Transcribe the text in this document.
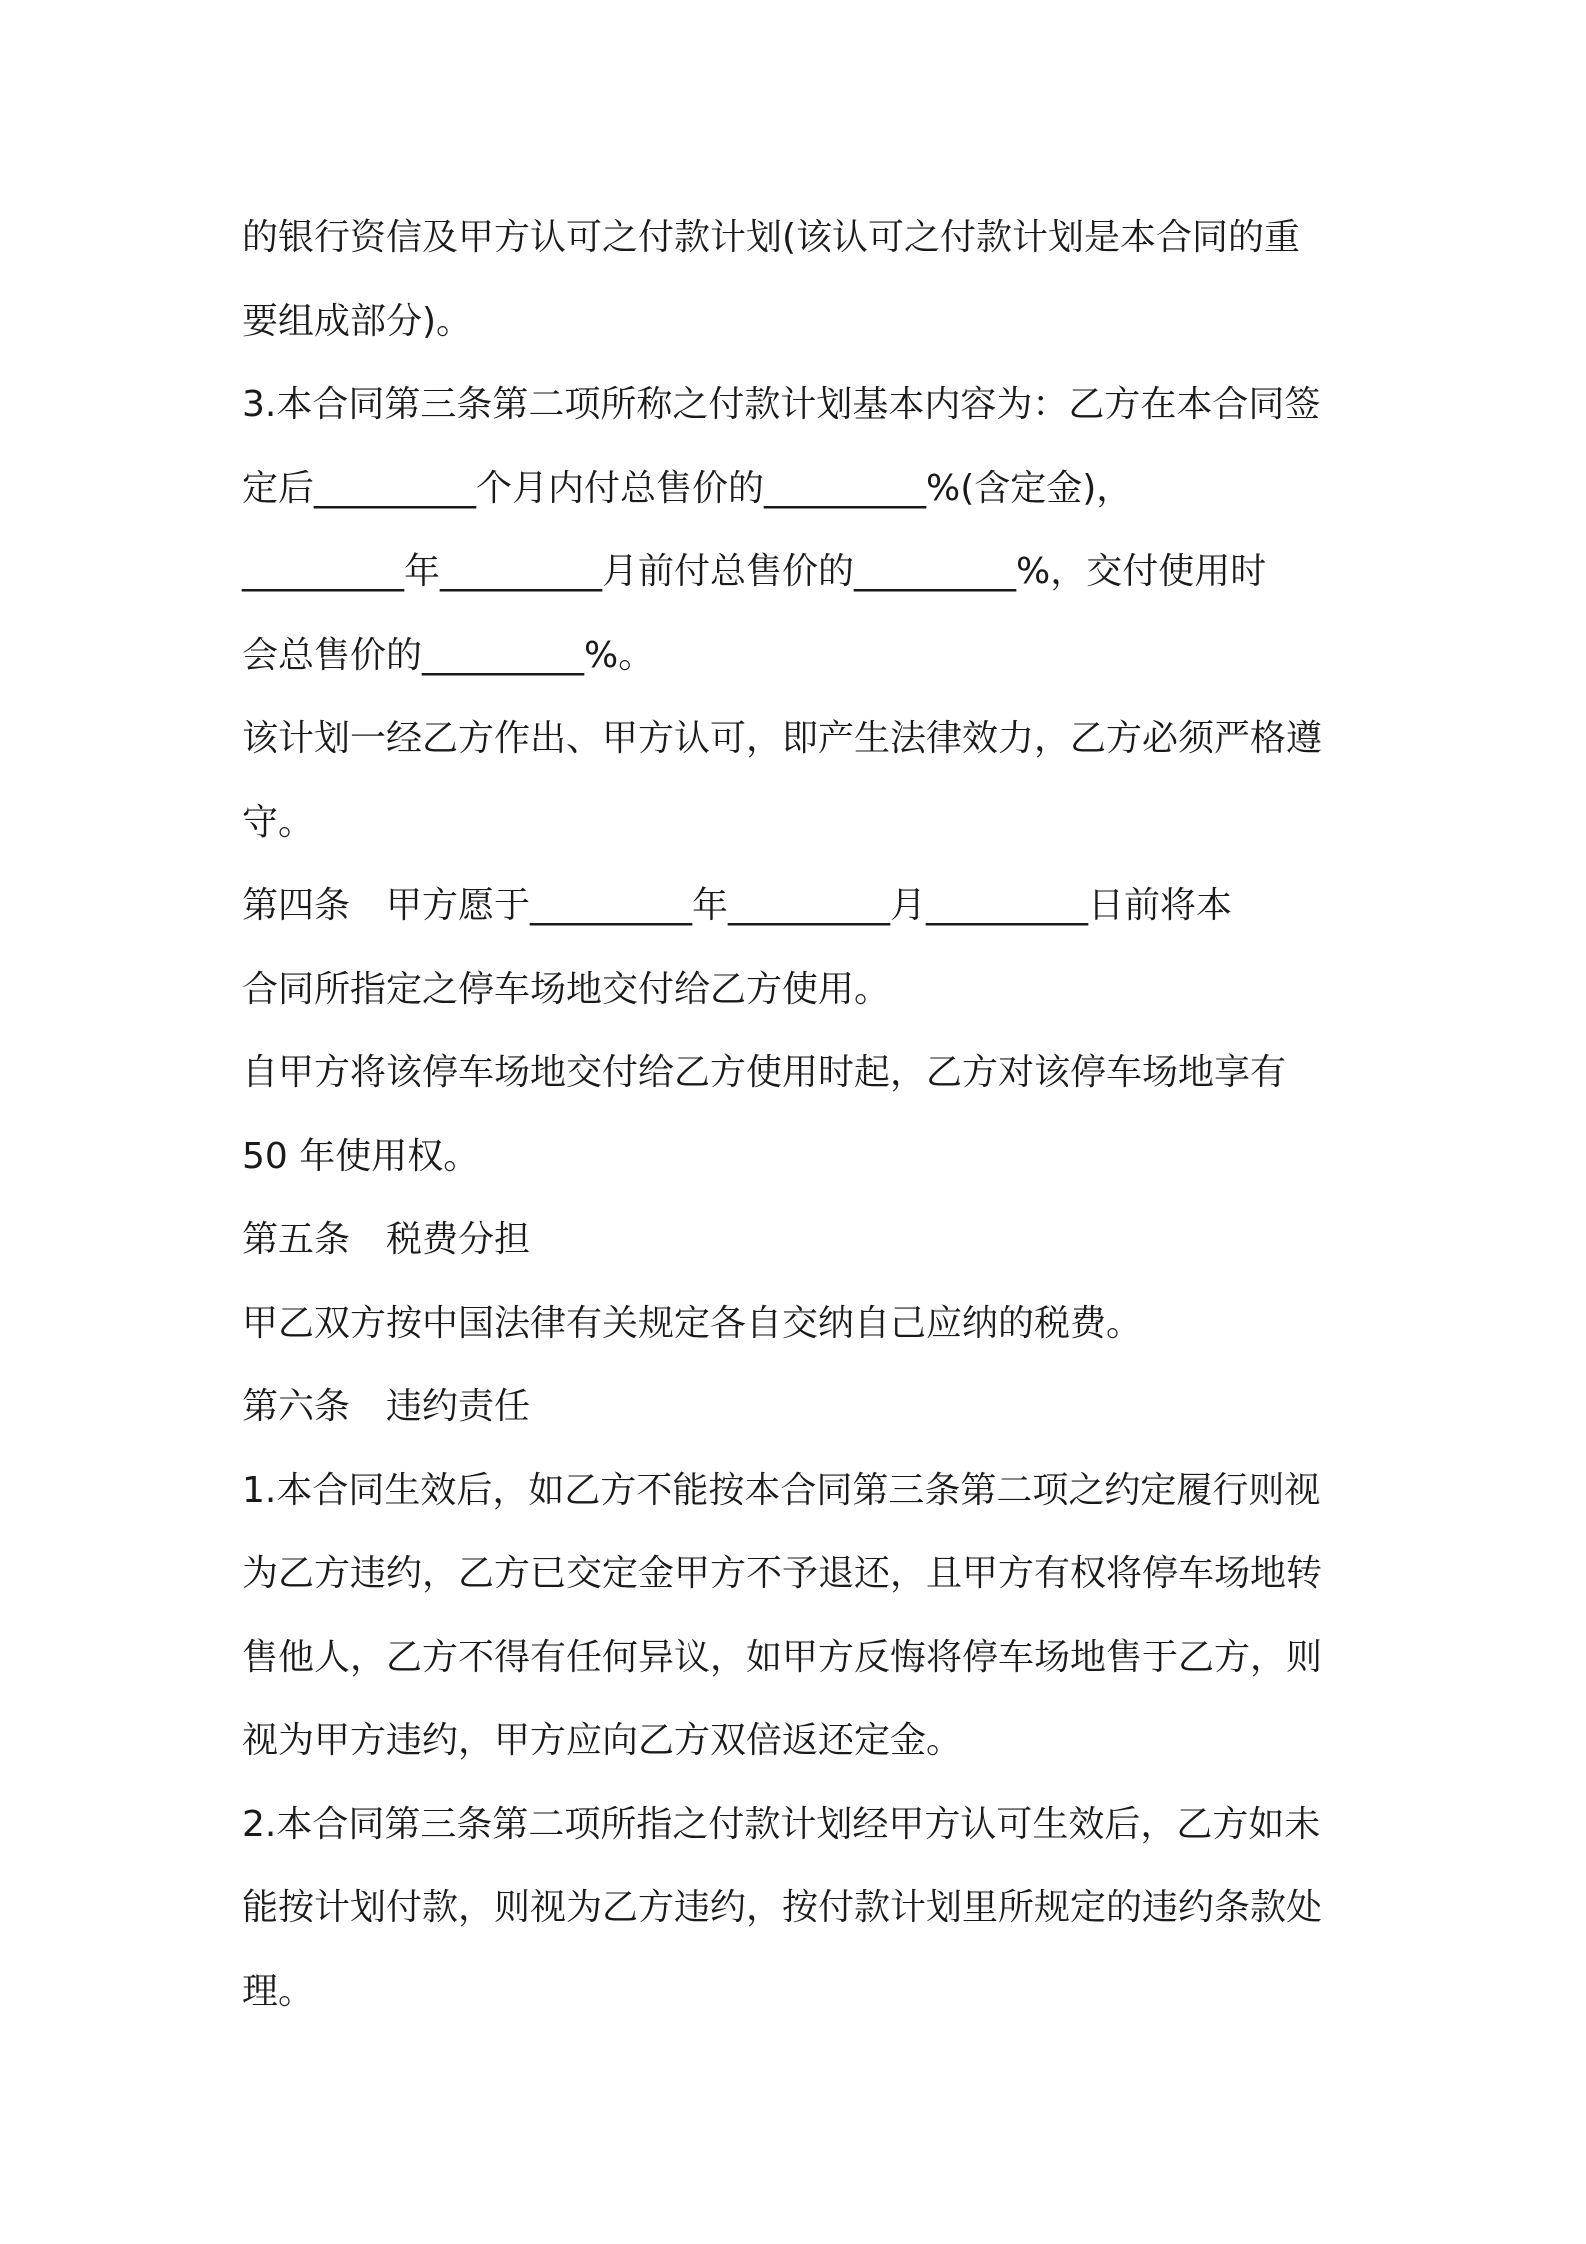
的银行资信及甲方认可之付款计划(该认可之付款计划是本合同的重
要组成部分)。
3.本合同第三条第二项所称之付款计划基本内容为：乙方在本合同签
定后_________个月内付总售价的_________%(含定金)，
_________年_________月前付总售价的_________%，交付使用时
会总售价的_________%。
该计划一经乙方作出、甲方认可，即产生法律效力，乙方必须严格遵
守。
第四条　甲方愿于_________年_________月_________日前将本
合同所指定之停车场地交付给乙方使用。
自甲方将该停车场地交付给乙方使用时起，乙方对该停车场地享有
50 年使用权。
第五条　税费分担
甲乙双方按中国法律有关规定各自交纳自己应纳的税费。
第六条　违约责任
1.本合同生效后，如乙方不能按本合同第三条第二项之约定履行则视
为乙方违约，乙方已交定金甲方不予退还，且甲方有权将停车场地转
售他人，乙方不得有任何异议，如甲方反悔将停车场地售于乙方，则
视为甲方违约，甲方应向乙方双倍返还定金。
2.本合同第三条第二项所指之付款计划经甲方认可生效后，乙方如未
能按计划付款，则视为乙方违约，按付款计划里所规定的违约条款处
理。
